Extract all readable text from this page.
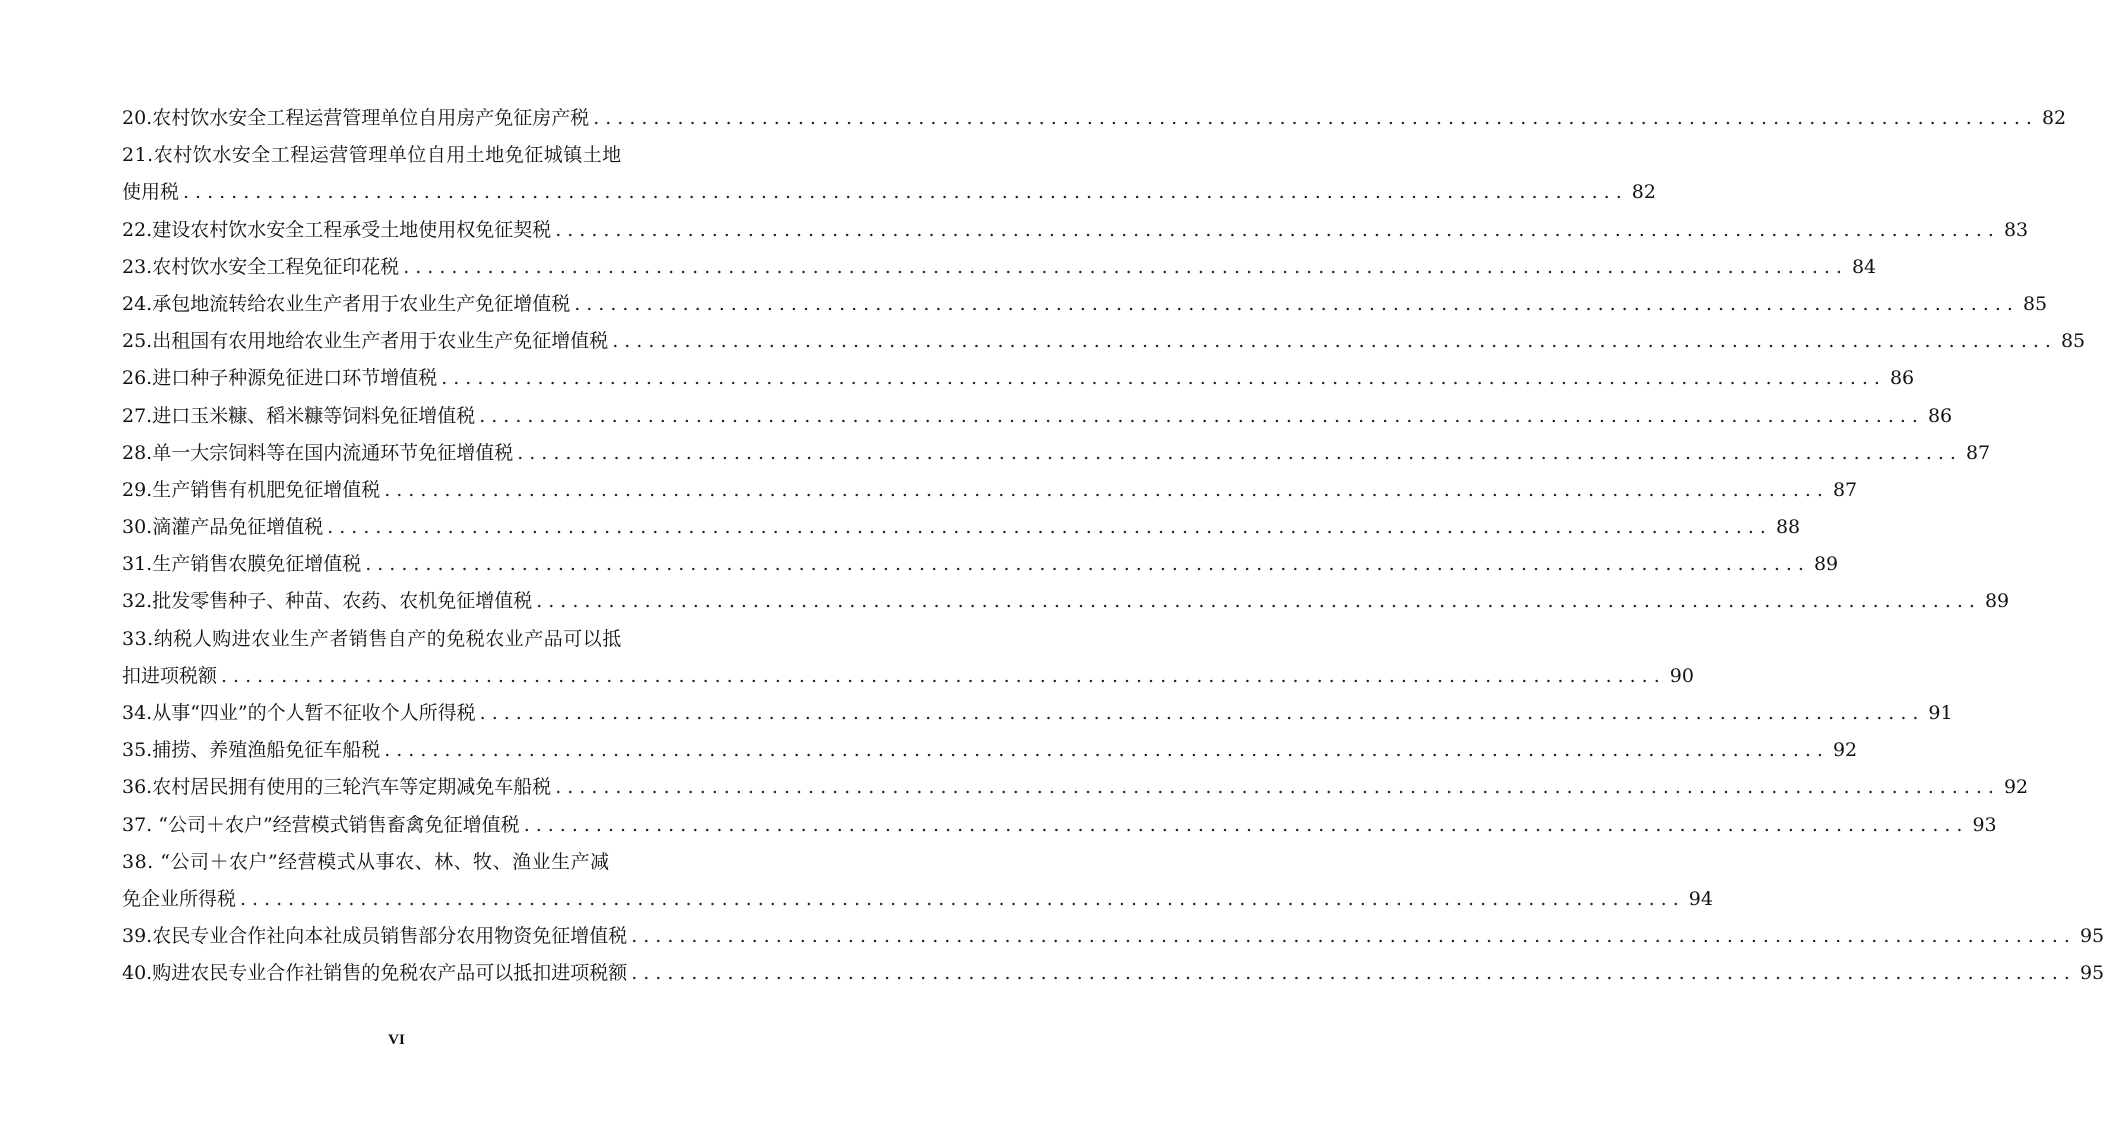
20.农村饮水安全工程运营管理单位自用房产免征房产税 ........................................................................................................................ 82
21.农村饮水安全工程运营管理单位自用土地免征城镇土地
使用税 ........................................................................................................................ 82
22.建设农村饮水安全工程承受土地使用权免征契税 ........................................................................................................................ 83
23.农村饮水安全工程免征印花税 ........................................................................................................................ 84
24.承包地流转给农业生产者用于农业生产免征增值税 ........................................................................................................................ 85
25.出租国有农用地给农业生产者用于农业生产免征增值税 ........................................................................................................................ 85
26.进口种子种源免征进口环节增值税 ........................................................................................................................ 86
27.进口玉米糠、稻米糠等饲料免征增值税 ........................................................................................................................ 86
28.单一大宗饲料等在国内流通环节免征增值税 ........................................................................................................................ 87
29.生产销售有机肥免征增值税 ........................................................................................................................ 87
30.滴灌产品免征增值税 ........................................................................................................................ 88
31.生产销售农膜免征增值税 ........................................................................................................................ 89
32.批发零售种子、种苗、农药、农机免征增值税 ........................................................................................................................ 89
33.纳税人购进农业生产者销售自产的免税农业产品可以抵
扣进项税额 ........................................................................................................................ 90
34.从事“四业”的个人暂不征收个人所得税 ........................................................................................................................ 91
35.捕捞、养殖渔船免征车船税 ........................................................................................................................ 92
36.农村居民拥有使用的三轮汽车等定期减免车船税 ........................................................................................................................ 92
37. “公司＋农户”经营模式销售畜禽免征增值税 ........................................................................................................................ 93
38. “公司＋农户”经营模式从事农、林、牧、渔业生产减
免企业所得税 ........................................................................................................................ 94
39.农民专业合作社向本社成员销售部分农用物资免征增值税 ........................................................................................................................ 95
40.购进农民专业合作社销售的免税农产品可以抵扣进项税额 ........................................................................................................................ 95
VI
